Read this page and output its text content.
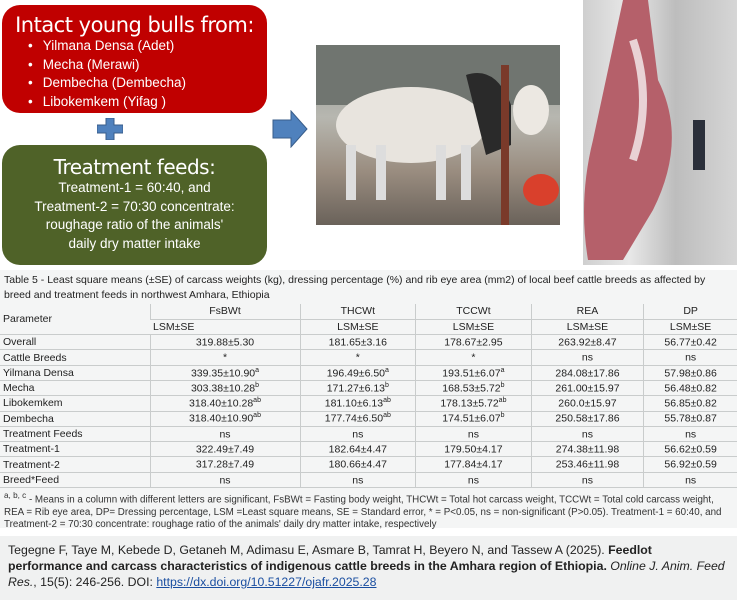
Intact young bulls from:
• Yilmana Densa (Adet)
• Mecha (Merawi)
• Dembecha (Dembecha)
• Libokemkem (Yifag )
Treatment feeds:

Treatment-1 = 60:40, and

Treatment-2 = 70:30 concentrate:

roughage ratio of the animals'

daily dry matter intake

Table 5 - Least square means (±SE) of carcass weights (kg), dressing percentage (%) and rib eye area (mm2) of local beef cattle breeds as affected by breed and treatment feeds in northwest Amhara, Ethiopia
Parameter	FsBWt	THCWt	TCCWt	REA	DP
	LSM±SE	LSM±SE	LSM±SE	LSM±SE	LSM±SE
Overall	319.88±5.30	181.65±3.16	178.67±2.95	263.92±8.47	56.77±0.42
Cattle Breeds	*	*	*	ns	ns
Yilmana Densa	339.35±10.90$^a$	196.49±6.50$^a$	193.51±6.07$^a$	284.08±17.86	57.98±0.86
Mecha	303.38±10.28$^b$	171.27±6.13$^b$	168.53±5.72$^b$	261.00±15.97	56.48±0.82
Libokemkem	318.40±10.28$^{ab}$	181.10±6.13$^{ab}$	178.13±5.72$^{ab}$	260.0±15.97	56.85±0.82
Dembecha	318.40±10.90$^{ab}$	177.74±6.50$^{ab}$	174.51±6.07$^b$	250.58±17.86	55.78±0.87
Treatment Feeds	ns	ns	ns	ns	ns
Treatment-1	322.49±7.49	182.64±4.47	179.50±4.17	274.38±11.98	56.62±0.59
Treatment-2	317.28±7.49	180.66±4.47	177.84±4.17	253.46±11.98	56.92±0.59
Breed*Feed	ns	ns	ns	ns	ns
$^{a, b, c}$ - Means in a column with different letters are significant, FsBWt = Fasting body weight, THCWt = Total hot carcass weight, TCCWt = Total cold carcass weight, REA = Rib eye area, DP= Dressing percentage, LSM =Least square means, SE = Standard error, * = P<0.05, ns = non-significant (P>0.05). Treatment-1 = 60:40, and Treatment-2 = 70:30 concentrate: roughage ratio of the animals' daily dry matter intake, respectively
Tegegne F, Taye M, Kebede D, Getaneh M, Adimasu E, Asmare B, Tamrat H, Beyero N, and Tassew A (2025). Feedlot performance and carcass characteristics of indigenous cattle breeds in the Amhara region of Ethiopia. Online J. Anim. Feed Res., 15(5): 246-256. DOI: https://dx.doi.org/10.51227/ojafr.2025.28
